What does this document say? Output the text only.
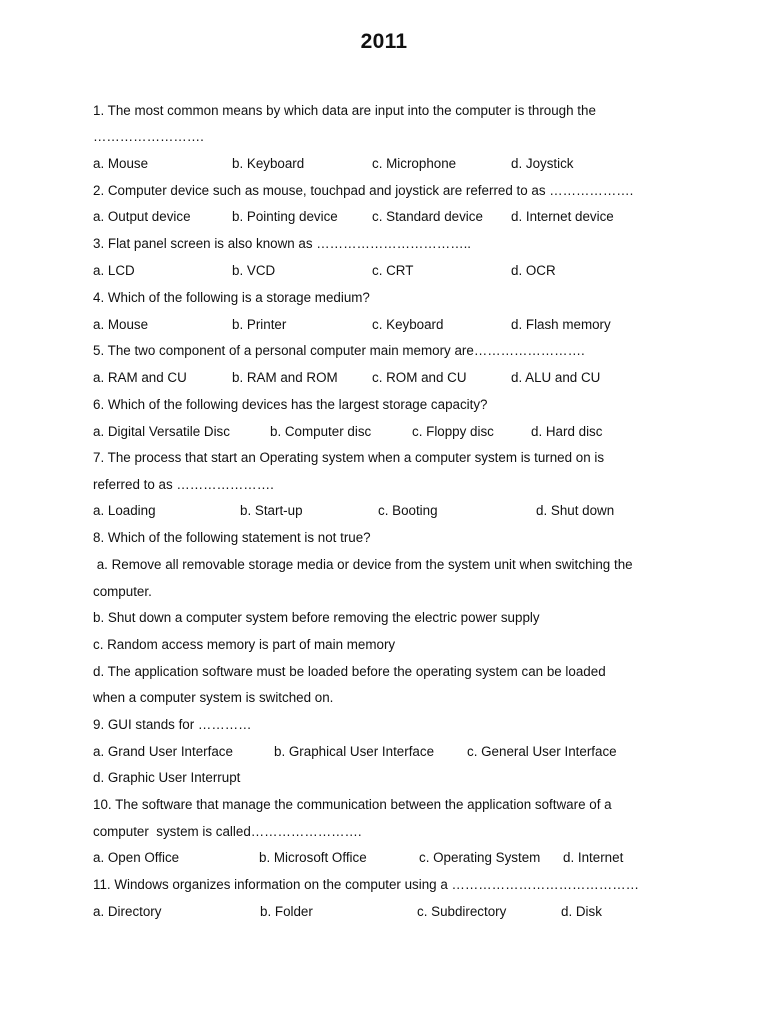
2011
1. The most common means by which data are input into the computer is through the
…………………….
a. Mouse	b. Keyboard	c. Microphone	d. Joystick
2. Computer device such as mouse, touchpad and joystick are referred to as ……………….
a. Output device	b. Pointing device	c. Standard device d. Internet device
3. Flat panel screen is also known as ……………………………..
a. LCD	b. VCD	c. CRT	d. OCR
4. Which of the following is a storage medium?
a. Mouse	b. Printer	c. Keyboard	d. Flash memory
5. The two component of a personal computer main memory are…………………….
a. RAM and CU	b. RAM and ROM	c. ROM and CU	d. ALU and CU
6. Which of the following devices has the largest storage capacity?
a. Digital Versatile Disc	b. Computer disc	c. Floppy disc	d. Hard disc
7. The process that start an Operating system when a computer system is turned on is
referred to as ………………….
a. Loading	b. Start-up	c. Booting	d. Shut down
8. Which of the following statement is not true?
a. Remove all removable storage media or device from the system unit when switching the
computer.
b. Shut down a computer system before removing the electric power supply
c. Random access memory is part of main memory
d. The application software must be loaded before the operating system can be loaded
when a computer system is switched on.
9. GUI stands for …………
a. Grand User Interface	b. Graphical User Interface c. General User Interface
d. Graphic User Interrupt
10. The software that manage the communication between the application software of a
computer  system is called…………………….
a. Open Office	b. Microsoft Office	c. Operating System d. Internet
11. Windows organizes information on the computer using a ……………………………………
a. Directory	b. Folder	c. Subdirectory	d. Disk
